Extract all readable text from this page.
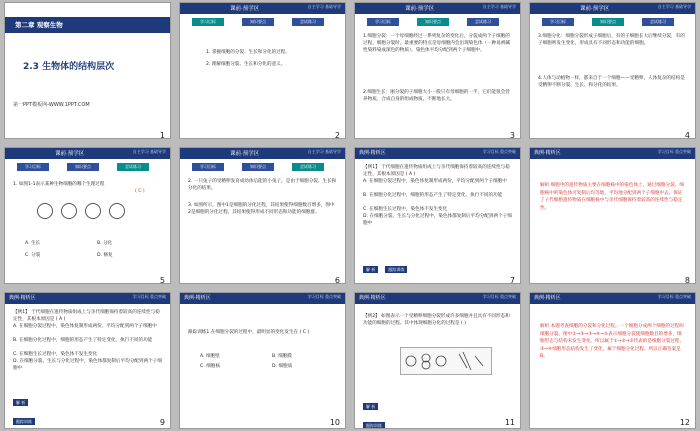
第二章 观察生物
2.3 生物体的结构层次
第一PPT模板网-WWW.1PPT.COM
1
课前·预学区	自主学习 基础导学
学习目标	知识要点	尝试练习
1. 掌握细胞的分裂、生长和分化的过程。
2. 理解细胞分裂、生长和分化的意义。
2
课前·预学区	自主学习 基础导学
学习目标	知识要点	尝试练习
1.细胞分裂：一个母细胞经过一系列复杂的变化后，分裂成两个子细胞的过程，细胞分裂时，最重要的特点是母细胞内会出现染色体（一种易被碱性染料染成深色的物质）。染色体平均分配到两个子细胞中。
2.细胞生长：刚分裂的子细胞大小一般只有母细胞的一半，它们能很会营养物质，合成自身的组成物质，不断地长大。
3
课前·预学区	自主学习 基础导学
学习目标	知识要点	尝试练习
3.细胞分化：细胞分裂形成子细胞后，有的子细胞长大后继续分裂，有的子细胞则发生变化，形成具有不同形态和功能的细胞。
4.人体与动植物一样，都来自于一个细胞——受精卵。人体复杂的结构是受精卵不断分裂、生长、和分化的结果。
4
课前·预学区	自主学习 基础导学
学习目标	知识要点	尝试练习
1. 如图1-1表示某种生物细胞的哪个生理过程
( C )
A. 生长	B. 分化
C. 分裂	D. 修复
5
课前·预学区	自主学习 基础导学
学习目标	知识要点	尝试练习
2. 一只兔子的受精卵发育成幼体后能的小兔子，是由于细胞分裂、生长和分化的结果。
3. 如图所示，图中1是细胞的分化过程，其结果使得细胞数目增多，图中2是细胞的分化过程，其结果使得形成不同形态和功能的细胞群。
6
典例·精析区	学习目标 重点突破
【例1】 于代细胞在遗传物质组成上与亲代细胞保持着较高的连续性与稳定性，其根本原因是 ( A )
A. 在细胞分裂过程中，染色体复制形成两份，平均分配到两个子细胞中
B. 在细胞分化过程中，细胞的形态产生了特定变化，执行不同的功能
C. 在细胞生长过程中，染色体不发生变化
D. 在细胞分裂、生长与分化过程中，染色体都复制后平均分配到两个子细胞中
解 析	跟踪训练
7
典例·精析区	学习目标 重点突破
解析 细胞中的遗传物质主要在细胞核中的染色体上，通过细胞分裂，细胞核中的染色体可复制后均等地，平均地分配到两个子细胞中去，保证了子代细胞遗传物质在细胞核中与亲代细胞保持着较高的连续性与稳定性。
8
典例·精析区	学习目标 重点突破
【例1】 于代细胞在遗传物质组成上与亲代细胞保持着较高的连续性与稳定性，其根本原因是 ( A )
A. 在细胞分裂过程中，染色体复制形成两份，平均分配到两个子细胞中
B. 在细胞分化过程中，细胞的形态产生了特定变化，执行不同的功能
C. 在细胞生长过程中，染色体不发生变化
D. 在细胞分裂、生长与分化过程中，染色体都复制后平均分配到两个子细胞中
解 析
跟踪训练	9
典例·精析区	学习目标 重点突破
跟踪训练1 在细胞分裂的过程中，最明显的变化发生在 ( C )
A. 细胞壁	B. 细胞膜
C. 细胞核	D. 细胞质
10
典例·精析区	学习目标 重点突破
【例2】 如图表示一个受精卵细胞分裂形成许多细胞并且具有不同形态和功能的细胞的过程。其中体现细胞分化的过程是 ( )
解 析
跟踪训练	11
典例·精析区	学习目标 重点突破
解析 本题考查细胞的分裂和分化过程。一个细胞分成两个细胞的过程叫细胞分裂。图中①→②→③→④→⑤表示细胞分裂使细胞数目的增多，细胞形态与结构未发生变化，所以属于①→②→③代表的是细胞分裂过程，③→④细胞形态结构发生了变化，属于细胞分化过程。所以正确答案是B。
12
